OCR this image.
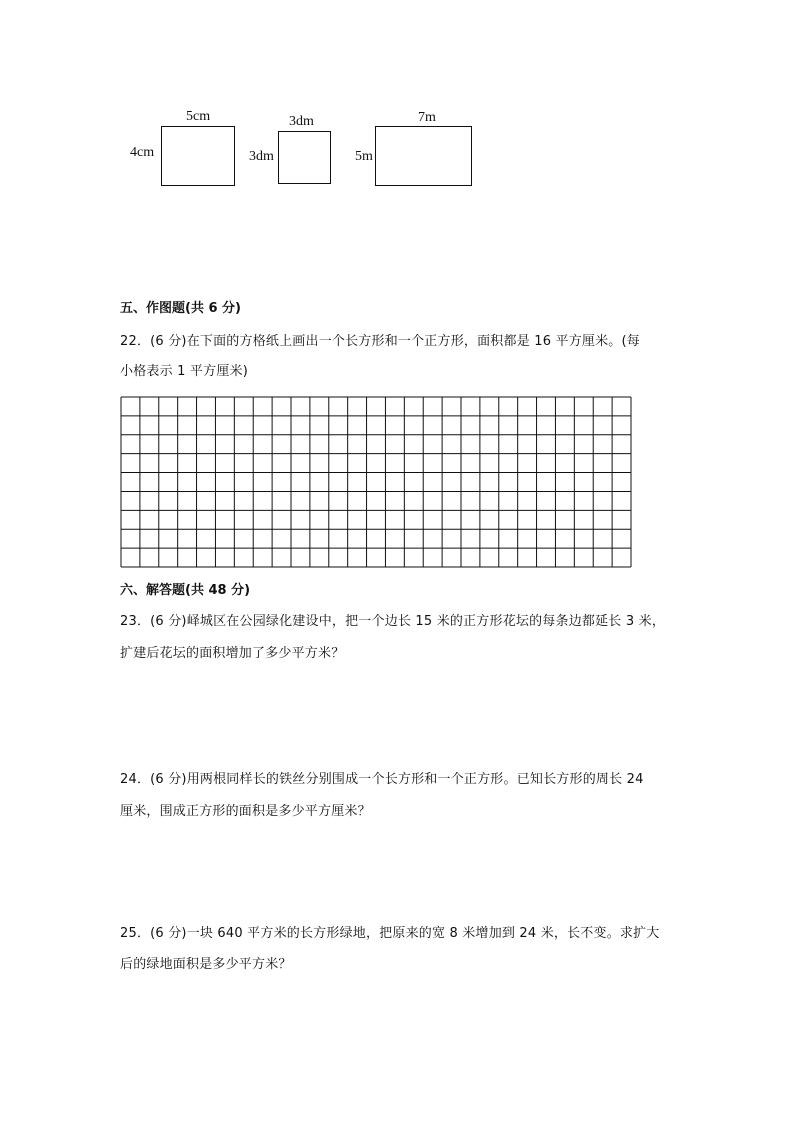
5cm
4cm
3dm
3dm
7m
5m
五、作图题(共 6 分)
22．(6 分)在下面的方格纸上画出一个长方形和一个正方形，面积都是 16 平方厘米。(每
小格表示 1 平方厘米)
六、解答题(共 48 分)
23．(6 分)峄城区在公园绿化建设中，把一个边长 15 米的正方形花坛的每条边都延长 3 米，
扩建后花坛的面积增加了多少平方米？
24．(6 分)用两根同样长的铁丝分别围成一个长方形和一个正方形。已知长方形的周长 24
厘米，围成正方形的面积是多少平方厘米？
25．(6 分)一块 640 平方米的长方形绿地，把原来的宽 8 米增加到 24 米，长不变。求扩大
后的绿地面积是多少平方米？
